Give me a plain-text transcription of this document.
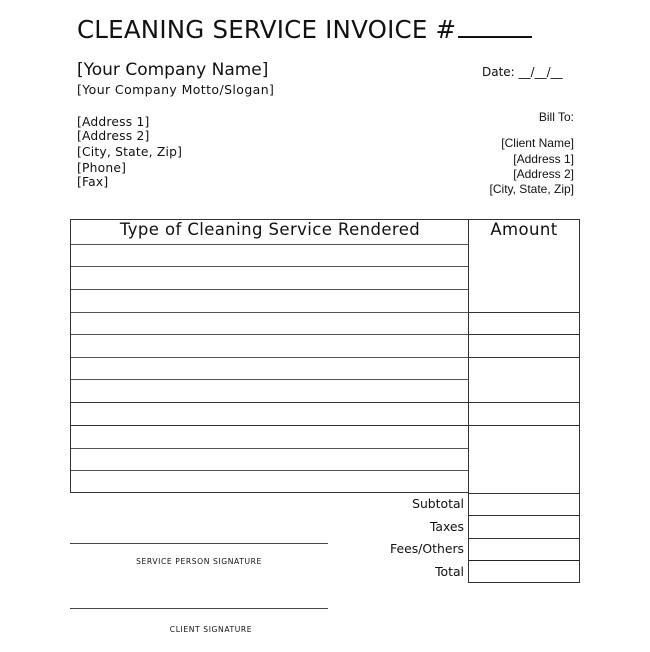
CLEANING SERVICE INVOICE #
[Your Company Name]
[Your Company Motto/Slogan]
[Address 1]
[Address 2]
[City, State, Zip]
[Phone]
[Fax]
Date: __/__/__
Bill To:
[Client Name]
[Address 1]
[Address 2]
[City, State, Zip]
Type of Cleaning Service Rendered	Amount
Subtotal
Taxes
Fees/Others
Total
SERVICE PERSON SIGNATURE
CLIENT SIGNATURE
